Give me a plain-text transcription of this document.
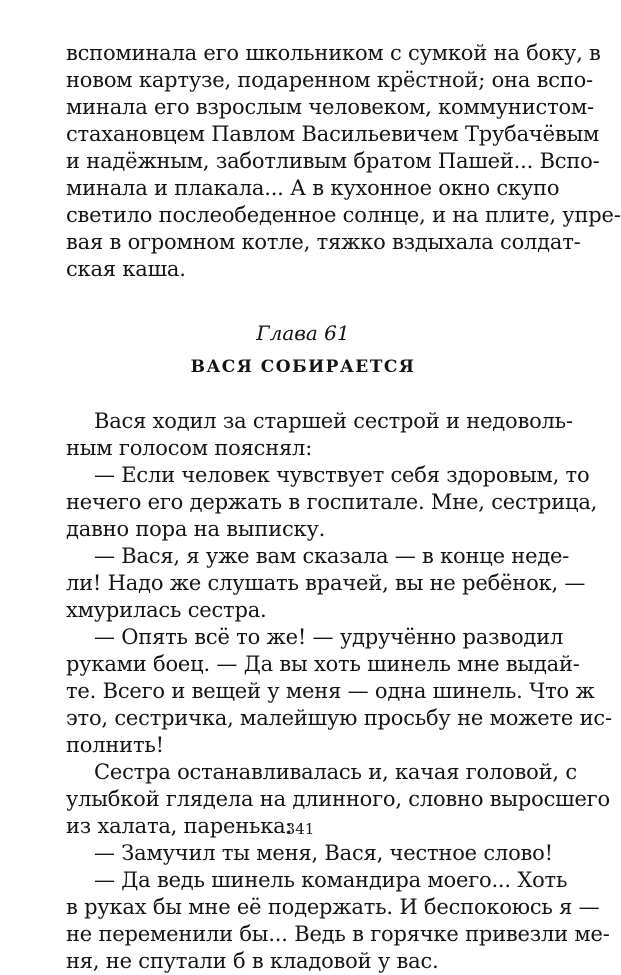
вспоминала его школьником с сумкой на боку, в
новом картузе, подаренном крёстной; она вспо-
минала его взрослым человеком, коммунистом-
стахановцем Павлом Васильевичем Трубачёвым
и надёжным, заботливым братом Пашей... Вспо-
минала и плакала... А в кухонное окно скупо
светило послеобеденное солнце, и на плите, упре-
вая в огромном котле, тяжко вздыхала солдат-
ская каша.
Глава 61
ВАСЯ СОБИРАЕТСЯ
Вася ходил за старшей сестрой и недоволь-
ным голосом пояснял:
— Если человек чувствует себя здоровым, то
нечего его держать в госпитале. Мне, сестрица,
давно пора на выписку.
— Вася, я уже вам сказала — в конце неде-
ли! Надо же слушать врачей, вы не ребёнок, —
хмурилась сестра.
— Опять всё то же! — удручённо разводил
руками боец. — Да вы хоть шинель мне выдай-
те. Всего и вещей у меня — одна шинель. Что ж
это, сестричка, малейшую просьбу не можете ис-
полнить!
Сестра останавливалась и, качая головой, с
улыбкой глядела на длинного, словно выросшего
из халата, паренька:
— Замучил ты меня, Вася, честное слово!
— Да ведь шинель командира моего... Хоть
в руках бы мне её подержать. И беспокоюсь я —
не переменили бы... Ведь в горячке привезли ме-
ня, не спутали б в кладовой у вас.
341
